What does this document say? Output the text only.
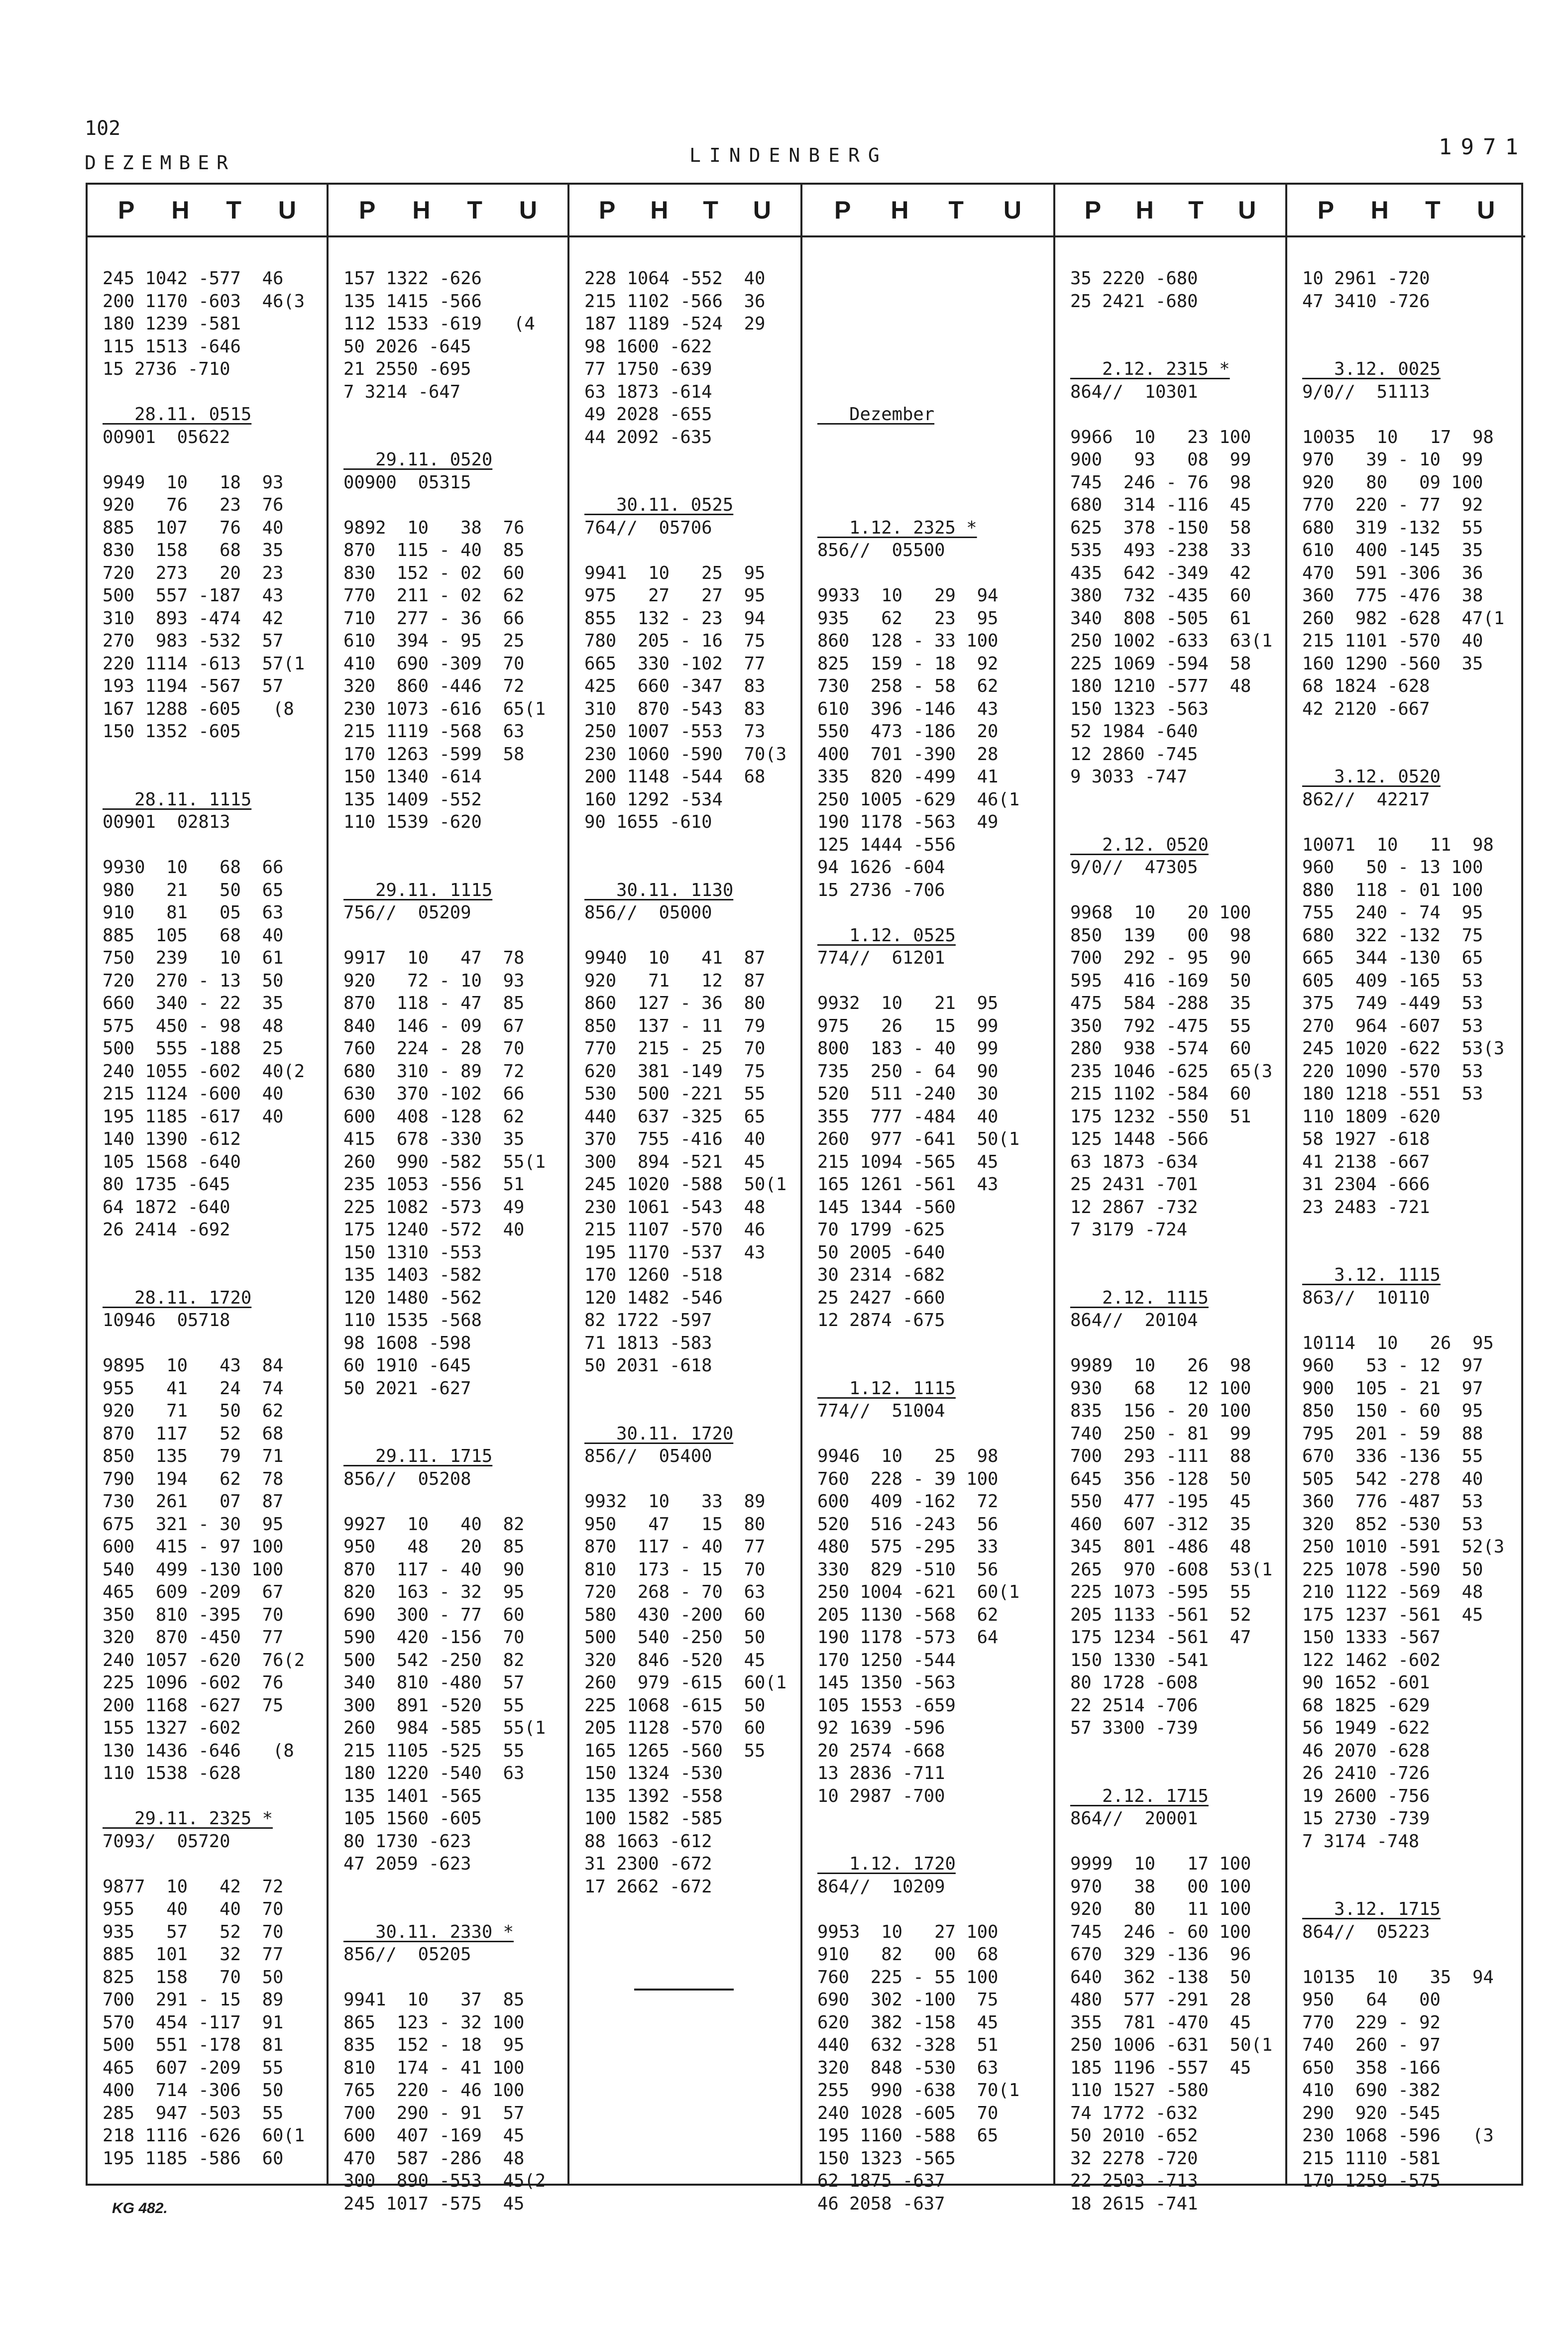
102
DEZEMBER	LINDENBERG	1971
P H T U
245 1042 -577  46
200 1170 -603  46(3
180 1239 -581
115 1513 -646
15 2736 -710
28.11. 0515
00901  05622
9949  10   18  93
920   76   23  76
885  107   76  40
830  158   68  35
720  273   20  23
500  557 -187  43
310  893 -474  42
270  983 -532  57
220 1114 -613  57(1
193 1194 -567  57
167 1288 -605   (8
150 1352 -605
28.11. 1115
00901  02813
9930  10   68  66
980   21   50  65
910   81   05  63
885  105   68  40
750  239   10  61
720  270 - 13  50
660  340 - 22  35
575  450 - 98  48
500  555 -188  25
240 1055 -602  40(2
215 1124 -600  40
195 1185 -617  40
140 1390 -612
105 1568 -640
80 1735 -645
64 1872 -640
26 2414 -692
28.11. 1720
10946  05718
9895  10   43  84
955   41   24  74
920   71   50  62
870  117   52  68
850  135   79  71
790  194   62  78
730  261   07  87
675  321 - 30  95
600  415 - 97 100
540  499 -130 100
465  609 -209  67
350  810 -395  70
320  870 -450  77
240 1057 -620  76(2
225 1096 -602  76
200 1168 -627  75
155 1327 -602
130 1436 -646   (8
110 1538 -628
29.11. 2325 *
7093/  05720
9877  10   42  72
955   40   40  70
935   57   52  70
885  101   32  77
825  158   70  50
700  291 - 15  89
570  454 -117  91
500  551 -178  81
465  607 -209  55
400  714 -306  50
285  947 -503  55
218 1116 -626  60(1
195 1185 -586  60
P H T U
157 1322 -626
135 1415 -566
112 1533 -619   (4
50 2026 -645
21 2550 -695
7 3214 -647
29.11. 0520
00900  05315
9892  10   38  76
870  115 - 40  85
830  152 - 02  60
770  211 - 02  62
710  277 - 36  66
610  394 - 95  25
410  690 -309  70
320  860 -446  72
230 1073 -616  65(1
215 1119 -568  63
170 1263 -599  58
150 1340 -614
135 1409 -552
110 1539 -620
29.11. 1115
756//  05209
9917  10   47  78
920   72 - 10  93
870  118 - 47  85
840  146 - 09  67
760  224 - 28  70
680  310 - 89  72
630  370 -102  66
600  408 -128  62
415  678 -330  35
260  990 -582  55(1
235 1053 -556  51
225 1082 -573  49
175 1240 -572  40
150 1310 -553
135 1403 -582
120 1480 -562
110 1535 -568
98 1608 -598
60 1910 -645
50 2021 -627
29.11. 1715
856//  05208
9927  10   40  82
950   48   20  85
870  117 - 40  90
820  163 - 32  95
690  300 - 77  60
590  420 -156  70
500  542 -250  82
340  810 -480  57
300  891 -520  55
260  984 -585  55(1
215 1105 -525  55
180 1220 -540  63
135 1401 -565
105 1560 -605
80 1730 -623
47 2059 -623
30.11. 2330 *
856//  05205
9941  10   37  85
865  123 - 32 100
835  152 - 18  95
810  174 - 41 100
765  220 - 46 100
700  290 - 91  57
600  407 -169  45
470  587 -286  48
300  890 -553  45(2
245 1017 -575  45
P H T U
228 1064 -552  40
215 1102 -566  36
187 1189 -524  29
98 1600 -622
77 1750 -639
63 1873 -614
49 2028 -655
44 2092 -635
30.11. 0525
764//  05706
9941  10   25  95
975   27   27  95
855  132 - 23  94
780  205 - 16  75
665  330 -102  77
425  660 -347  83
310  870 -543  83
250 1007 -553  73
230 1060 -590  70(3
200 1148 -544  68
160 1292 -534
90 1655 -610
30.11. 1130
856//  05000
9940  10   41  87
920   71   12  87
860  127 - 36  80
850  137 - 11  79
770  215 - 25  70
620  381 -149  75
530  500 -221  55
440  637 -325  65
370  755 -416  40
300  894 -521  45
245 1020 -588  50(1
230 1061 -543  48
215 1107 -570  46
195 1170 -537  43
170 1260 -518
120 1482 -546
82 1722 -597
71 1813 -583
50 2031 -618
30.11. 1720
856//  05400
9932  10   33  89
950   47   15  80
870  117 - 40  77
810  173 - 15  70
720  268 - 70  63
580  430 -200  60
500  540 -250  50
320  846 -520  45
260  979 -615  60(1
225 1068 -615  50
205 1128 -570  60
165 1265 -560  55
150 1324 -530
135 1392 -558
100 1582 -585
88 1663 -612
31 2300 -672
17 2662 -672
P H T U
Dezember
1.12. 2325 *
856//  05500
9933  10   29  94
935   62   23  95
860  128 - 33 100
825  159 - 18  92
730  258 - 58  62
610  396 -146  43
550  473 -186  20
400  701 -390  28
335  820 -499  41
250 1005 -629  46(1
190 1178 -563  49
125 1444 -556
94 1626 -604
15 2736 -706
1.12. 0525
774//  61201
9932  10   21  95
975   26   15  99
800  183 - 40  99
735  250 - 64  90
520  511 -240  30
355  777 -484  40
260  977 -641  50(1
215 1094 -565  45
165 1261 -561  43
145 1344 -560
70 1799 -625
50 2005 -640
30 2314 -682
25 2427 -660
12 2874 -675
1.12. 1115
774//  51004
9946  10   25  98
760  228 - 39 100
600  409 -162  72
520  516 -243  56
480  575 -295  33
330  829 -510  56
250 1004 -621  60(1
205 1130 -568  62
190 1178 -573  64
170 1250 -544
145 1350 -563
105 1553 -659
92 1639 -596
20 2574 -668
13 2836 -711
10 2987 -700
1.12. 1720
864//  10209
9953  10   27 100
910   82   00  68
760  225 - 55 100
690  302 -100  75
620  382 -158  45
440  632 -328  51
320  848 -530  63
255  990 -638  70(1
240 1028 -605  70
195 1160 -588  65
150 1323 -565
62 1875 -637
46 2058 -637
P H T U
35 2220 -680
25 2421 -680
2.12. 2315 *
864//  10301
9966  10   23 100
900   93   08  99
745  246 - 76  98
680  314 -116  45
625  378 -150  58
535  493 -238  33
435  642 -349  42
380  732 -435  60
340  808 -505  61
250 1002 -633  63(1
225 1069 -594  58
180 1210 -577  48
150 1323 -563
52 1984 -640
12 2860 -745
9 3033 -747
2.12. 0520
9/0//  47305
9968  10   20 100
850  139   00  98
700  292 - 95  90
595  416 -169  50
475  584 -288  35
350  792 -475  55
280  938 -574  60
235 1046 -625  65(3
215 1102 -584  60
175 1232 -550  51
125 1448 -566
63 1873 -634
25 2431 -701
12 2867 -732
7 3179 -724
2.12. 1115
864//  20104
9989  10   26  98
930   68   12 100
835  156 - 20 100
740  250 - 81  99
700  293 -111  88
645  356 -128  50
550  477 -195  45
460  607 -312  35
345  801 -486  48
265  970 -608  53(1
225 1073 -595  55
205 1133 -561  52
175 1234 -561  47
150 1330 -541
80 1728 -608
22 2514 -706
57 3300 -739
2.12. 1715
864//  20001
9999  10   17 100
970   38   00 100
920   80   11 100
745  246 - 60 100
670  329 -136  96
640  362 -138  50
480  577 -291  28
355  781 -470  45
250 1006 -631  50(1
185 1196 -557  45
110 1527 -580
74 1772 -632
50 2010 -652
32 2278 -720
22 2503 -713
18 2615 -741
P H T U
10 2961 -720
47 3410 -726
3.12. 0025
9/0//  51113
10035  10   17  98
970   39 - 10  99
920   80   09 100
770  220 - 77  92
680  319 -132  55
610  400 -145  35
470  591 -306  36
360  775 -476  38
260  982 -628  47(1
215 1101 -570  40
160 1290 -560  35
68 1824 -628
42 2120 -667
3.12. 0520
862//  42217
10071  10   11  98
960   50 - 13 100
880  118 - 01 100
755  240 - 74  95
680  322 -132  75
665  344 -130  65
605  409 -165  53
375  749 -449  53
270  964 -607  53
245 1020 -622  53(3
220 1090 -570  53
180 1218 -551  53
110 1809 -620
58 1927 -618
41 2138 -667
31 2304 -666
23 2483 -721
3.12. 1115
863//  10110
10114  10   26  95
960   53 - 12  97
900  105 - 21  97
850  150 - 60  95
795  201 - 59  88
670  336 -136  55
505  542 -278  40
360  776 -487  53
320  852 -530  53
250 1010 -591  52(3
225 1078 -590  50
210 1122 -569  48
175 1237 -561  45
150 1333 -567
122 1462 -602
90 1652 -601
68 1825 -629
56 1949 -622
46 2070 -628
26 2410 -726
19 2600 -756
15 2730 -739
7 3174 -748
3.12. 1715
864//  05223
10135  10   35  94
950   64   00
770  229 - 92
740  260 - 97
650  358 -166
410  690 -382
290  920 -545
230 1068 -596   (3
215 1110 -581
170 1259 -575
KG 482.
